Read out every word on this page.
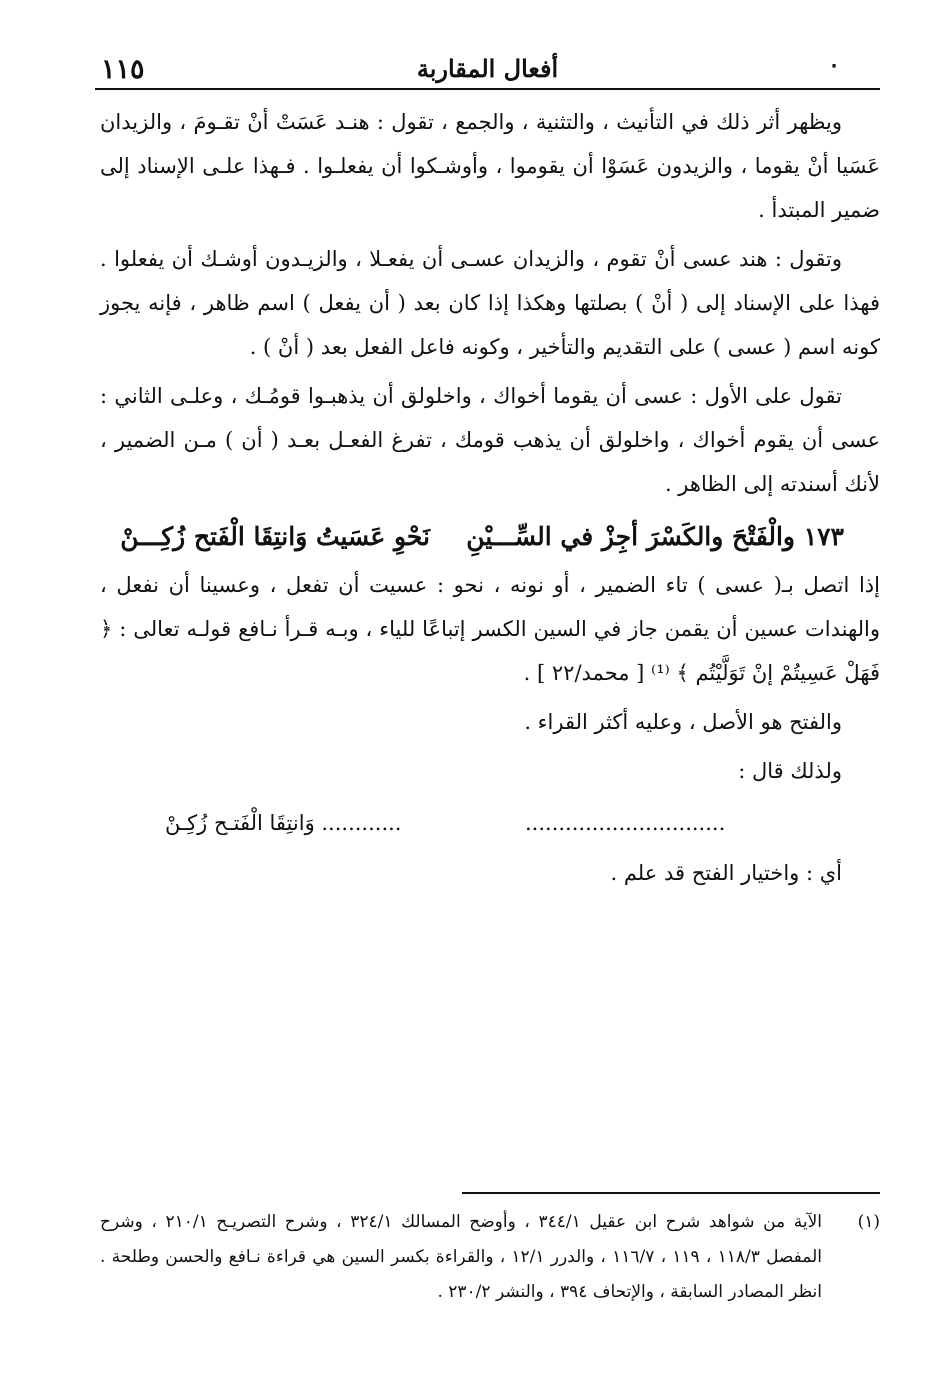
١١٥	أفعال المقاربة	٠

ويظهر أثر ذلك في التأنيث ، والتثنية ، والجمع ، تقول : هنـد عَسَتْ أنْ تقـومَ ، والزيدان عَسَيا أنْ يقوما ، والزيدون عَسَوْا أن يقوموا ، وأوشـكوا أن يفعلـوا . فـهذا علـى الإسناد إلى ضمير المبتدأ .

وتقول : هند عسى أنْ تقوم ، والزيدان عسـى أن يفعـلا ، والزيـدون أوشـك أن يفعلوا . فهذا على الإسناد إلى ( أنْ ) بصلتها وهكذا إذا كان بعد ( أن يفعل ) اسم ظاهر ، فإنه يجوز كونه اسم ( عسى ) على التقديم والتأخير ، وكونه فاعل الفعل بعد ( أنْ ) .

تقول على الأول : عسى أن يقوما أخواك ، واخلولق أن يذهبـوا قومُـك ، وعلـى الثاني : عسى أن يقوم أخواك ، واخلولق أن يذهب قومك ، تفرغ الفعـل بعـد ( أن ) مـن الضمير ، لأنك أسندته إلى الظاهر .

١٧٣ والْفَتْحَ والكَسْرَ أجِزْ في السِّـــيْنِ
نَحْوِ عَسَيتُ وَانتِقَا الْفَتح زُكِـــنْ

إذا اتصل بـ( عسى ) تاء الضمير ، أو نونه ، نحو : عسيت أن تفعل ، وعسينا أن نفعل ، والهندات عسين أن يقمن جاز في السين الكسر إتباعًا للياء ، وبـه قـرأ نـافع قولـه تعالى : ﴿ فَهَلْ عَسِيتُمْ إنْ تَوَلَّيْتُم ﴾ ⁽¹⁾ [ محمد/٢٢ ] .

والفتح هو الأصل ، وعليه أكثر القراء .

ولذلك قال :

..............................
............ وَانتِقَا الْفَتـح زُكِـنْ

أي : واختيار الفتح قد علم .

(١)
الآية من شواهد شرح ابن عقيل ٣٤٤/١ ، وأوضح المسالك ٣٢٤/١ ، وشرح التصريـح ٢١٠/١ ، وشرح المفصل ١١٨/٣ ، ١١٩ ، ١١٦/٧ ، والدرر ١٢/١ ، والقراءة بكسر السين هي قراءة نـافع والحسن وطلحة . انظر المصادر السابقة ، والإتحاف ٣٩٤ ، والنشر ٢٣٠/٢ .
